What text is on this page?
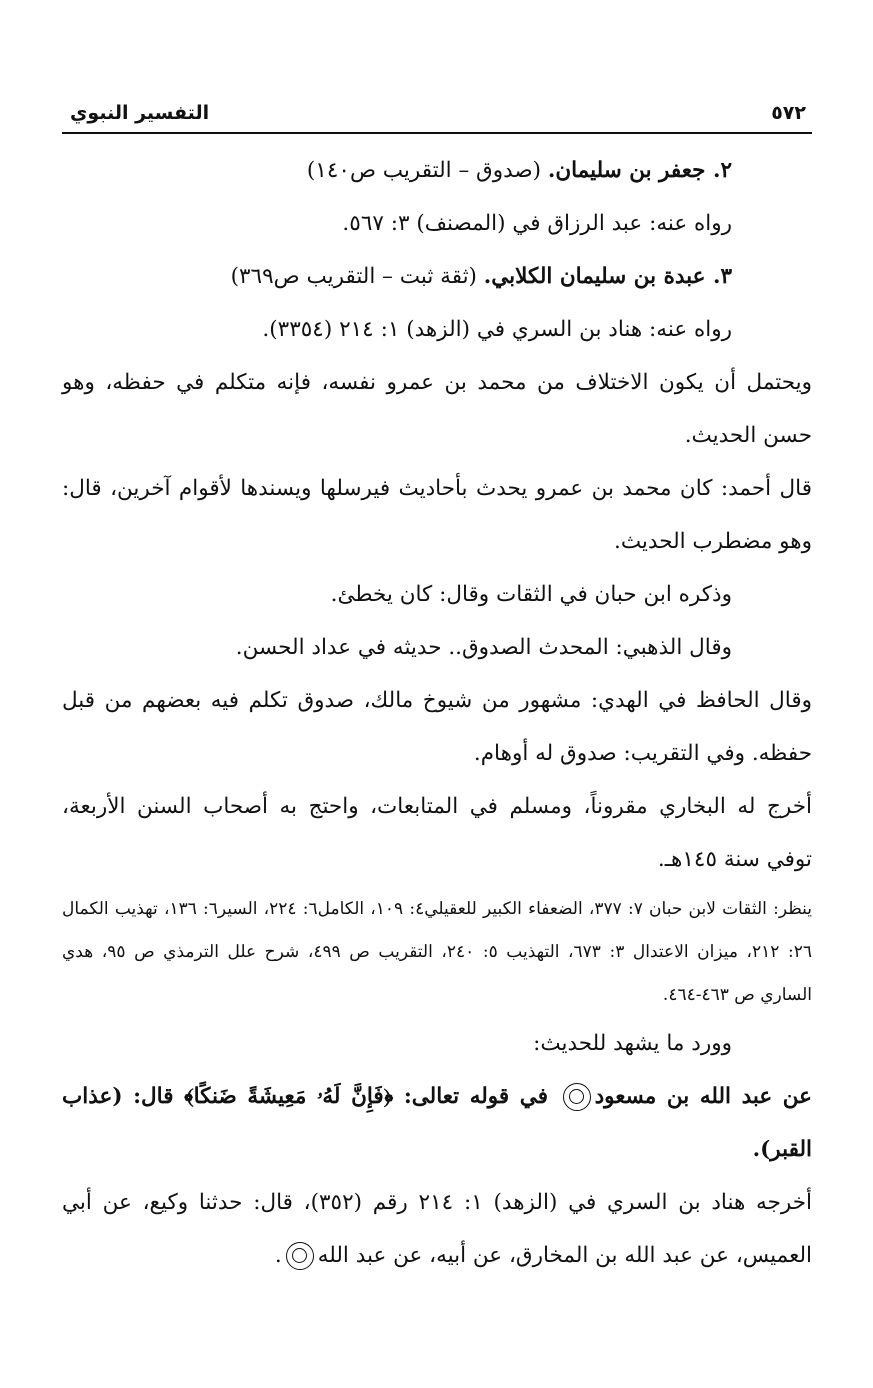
٥٧٢
التفسير النبوي

٢. جعفر بن سليمان. (صدوق – التقريب ص١٤٠)

رواه عنه: عبد الرزاق في (المصنف) ٣: ٥٦٧.

٣. عبدة بن سليمان الكلابي. (ثقة ثبت – التقريب ص٣٦٩)

رواه عنه: هناد بن السري في (الزهد) ١: ٢١٤ (٣٣٥٤).

ويحتمل أن يكون الاختلاف من محمد بن عمرو نفسه، فإنه متكلم في حفظه، وهو حسن الحديث.

قال أحمد: كان محمد بن عمرو يحدث بأحاديث فيرسلها ويسندها لأقوام آخرين، قال: وهو مضطرب الحديث.

وذكره ابن حبان في الثقات وقال: كان يخطئ.

وقال الذهبي: المحدث الصدوق.. حديثه في عداد الحسن.

وقال الحافظ في الهدي: مشهور من شيوخ مالك، صدوق تكلم فيه بعضهم من قبل حفظه. وفي التقريب: صدوق له أوهام.

أخرج له البخاري مقروناً، ومسلم في المتابعات، واحتج به أصحاب السنن الأربعة، توفي سنة ١٤٥هـ.

ينظر: الثقات لابن حبان ٧: ٣٧٧، الضعفاء الكبير للعقيلي٤: ١٠٩، الكامل٦: ٢٢٤، السير٦: ١٣٦، تهذيب الكمال ٢٦: ٢١٢، ميزان الاعتدال ٣: ٦٧٣، التهذيب ٥: ٢٤٠، التقريب ص ٤٩٩، شرح علل الترمذي ص ٩٥، هدي الساري ص ٤٦٣-٤٦٤.

وورد ما يشهد للحديث:

عن عبد الله بن مسعود في قوله تعالى: ﴿فَإِنَّ لَهُۥ مَعِيشَةً ضَنكًا﴾ قال: (عذاب القبر).

أخرجه هناد بن السري في (الزهد) ١: ٢١٤ رقم (٣٥٢)، قال: حدثنا وكيع، عن أبي العميس، عن عبد الله بن المخارق، عن أبيه، عن عبد الله.
